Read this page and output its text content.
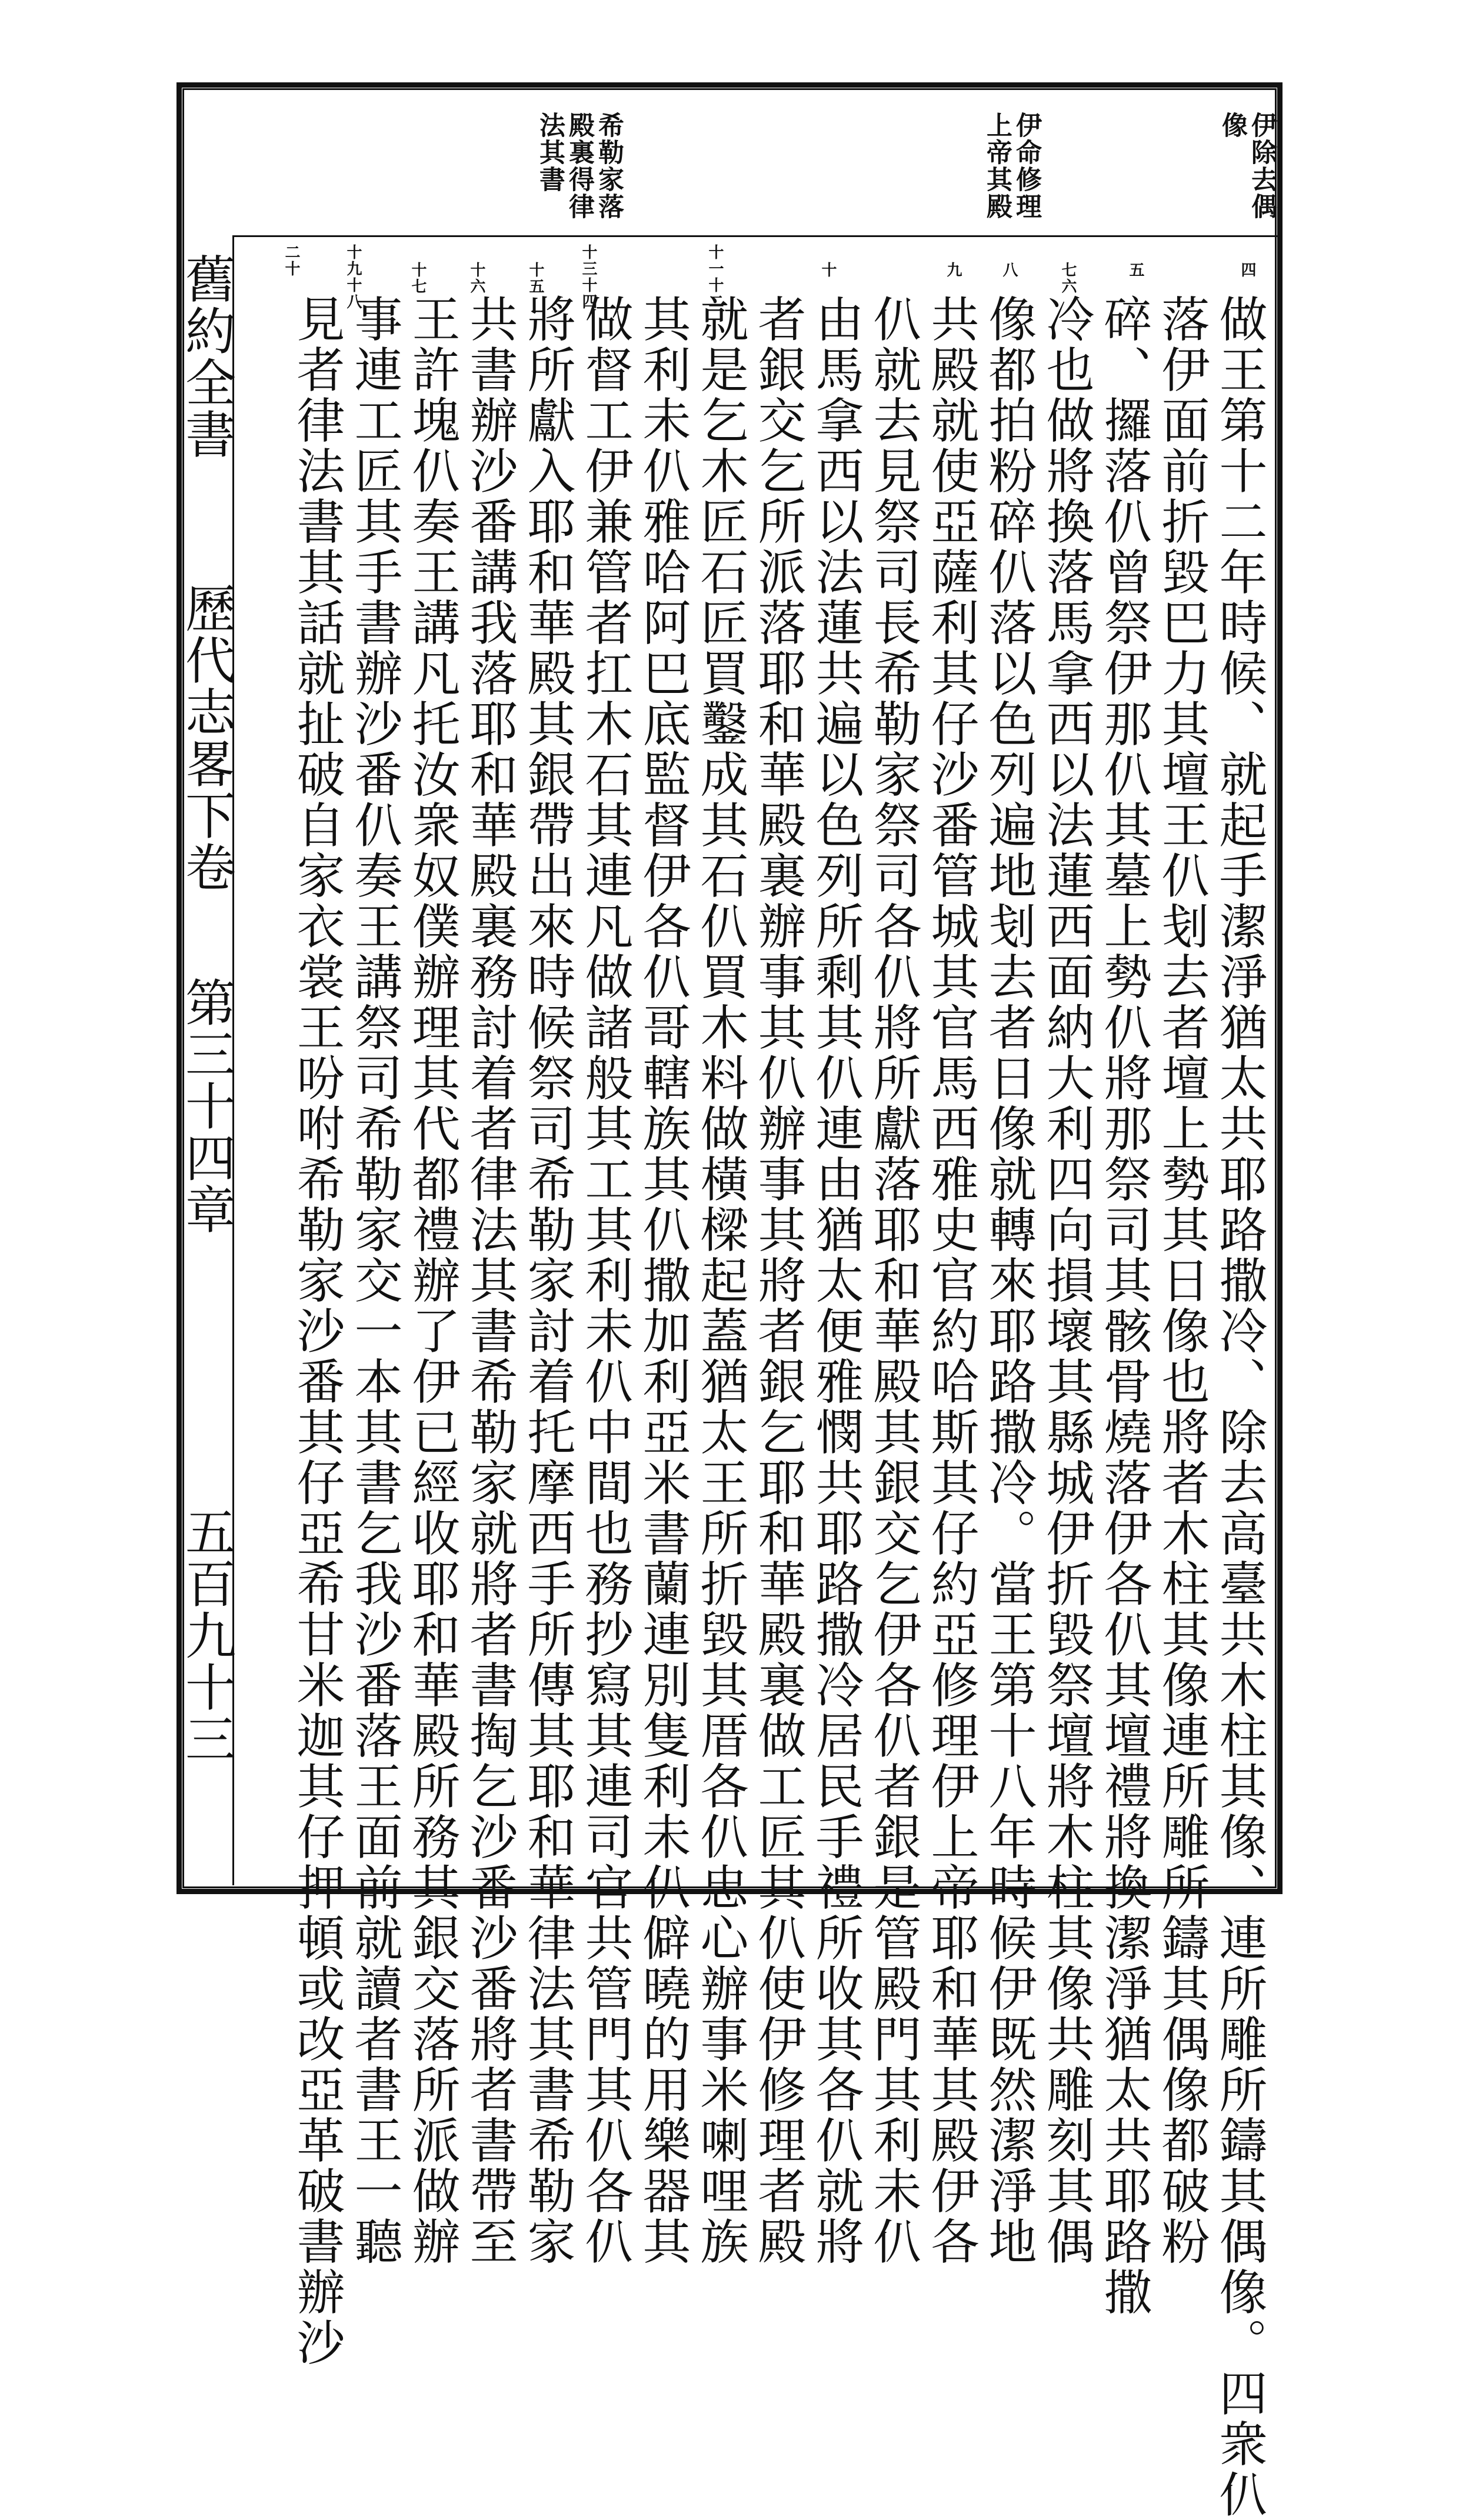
伊除去偶
像
伊命修理
上帝其殿
希勒家落
殿裏得律
法其書
四
五
七六
八
九
十
十一十二
十三十四
十五
十六
十七
十九十八
二十
做王第十二年時候、就起手潔淨猶太共耶路撒冷、除去高臺共木柱其像、連所雕所鑄其偶像。四衆仈
落伊面前折毀巴力其壇王仈刬去者壇上勢其日像也將者木柱其像連所雕所鑄其偶像都破粉
碎、攞落仈曾祭伊那仈其墓上勢仈將那祭司其骸骨燒落伊各仈其壇禮將換潔淨猶太共耶路撒
冷也做將換落馬拿西以法蓮西面納大利四向損壞其縣城伊折毀祭壇將木柱其像共雕刻其偶
像都拍粉碎仈落以色列遍地刬去者日像就轉來耶路撒冷。當王第十八年時候伊既然潔淨地
共殿就使亞薩利其仔沙番管城其官馬西雅史官約哈斯其仔約亞修理伊上帝耶和華其殿伊各
仈就去見祭司長希勒家祭司各仈將所獻落耶和華殿其銀交乞伊各仈者銀是管殿門其利未仈
由馬拿西以法蓮共遍以色列所剩其仈連由猶太便雅憫共耶路撒冷居民手禮所收其各仈就將
者銀交乞所派落耶和華殿裏辦事其仈辦事其將者銀乞耶和華殿裏做工匠其仈使伊修理者殿
就是乞木匠石匠買鑿成其石仈買木料做橫樑起蓋猶太王所折毀其厝各仈忠心辦事米喇哩族
其利未仈雅哈阿巴底監督伊各仈哥轄族其仈撒加利亞米書蘭連別隻利未仈僻曉的用樂器其
做督工伊兼管者扛木石其連凡做諸般其工其利未仈中間也務抄寫其連司官共管門其仈各仈
將所獻入耶和華殿其銀帶出來時候祭司希勒家討着托摩西手所傳其耶和華律法其書希勒家
共書辦沙番講我落耶和華殿裏務討着者律法其書希勒家就將者書掏乞沙番沙番將者書帶至
王許塊仈奏王講凡托汝衆奴僕辦理其代都禮辦了伊已經收耶和華殿所務其銀交落所派做辦
事連工匠其手書辦沙番仈奏王講祭司希勒家交一本其書乞我沙番落王面前就讀者書王一聽
見者律法書其話就扯破自家衣裳王吩咐希勒家沙番其仔亞希甘米迦其仔押頓或改亞革破書辦沙
舊約全書
歷代志畧下卷
第三十四章
五百九十三
